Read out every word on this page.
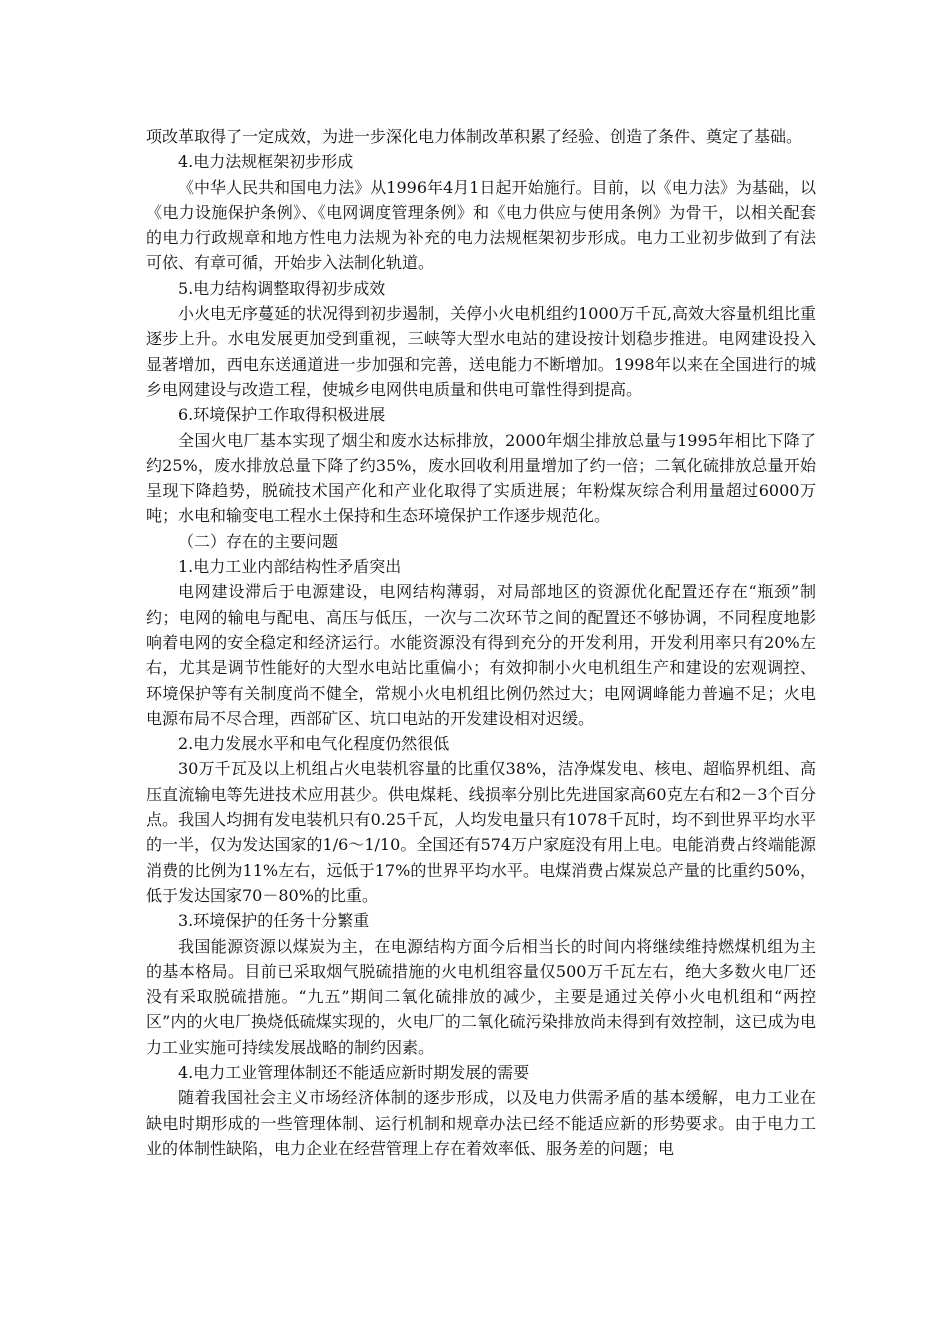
项改革取得了一定成效，为进一步深化电力体制改革积累了经验、创造了条件、奠定了基础。

4.电力法规框架初步形成

《中华人民共和国电力法》从1996年4月1日起开始施行。目前，以《电力法》为基础，以《电力设施保护条例》、《电网调度管理条例》和《电力供应与使用条例》为骨干，以相关配套的电力行政规章和地方性电力法规为补充的电力法规框架初步形成。电力工业初步做到了有法可依、有章可循，开始步入法制化轨道。

5.电力结构调整取得初步成效

小火电无序蔓延的状况得到初步遏制，关停小火电机组约1000万千瓦,高效大容量机组比重逐步上升。水电发展更加受到重视，三峡等大型水电站的建设按计划稳步推进。电网建设投入显著增加，西电东送通道进一步加强和完善，送电能力不断增加。1998年以来在全国进行的城乡电网建设与改造工程，使城乡电网供电质量和供电可靠性得到提高。

6.环境保护工作取得积极进展

全国火电厂基本实现了烟尘和废水达标排放，2000年烟尘排放总量与1995年相比下降了约25%，废水排放总量下降了约35%，废水回收利用量增加了约一倍；二氧化硫排放总量开始呈现下降趋势，脱硫技术国产化和产业化取得了实质进展；年粉煤灰综合利用量超过6000万吨；水电和输变电工程水土保持和生态环境保护工作逐步规范化。

（二）存在的主要问题

1.电力工业内部结构性矛盾突出

电网建设滞后于电源建设，电网结构薄弱，对局部地区的资源优化配置还存在“瓶颈”制约；电网的输电与配电、高压与低压，一次与二次环节之间的配置还不够协调，不同程度地影响着电网的安全稳定和经济运行。水能资源没有得到充分的开发利用，开发利用率只有20%左右，尤其是调节性能好的大型水电站比重偏小；有效抑制小火电机组生产和建设的宏观调控、环境保护等有关制度尚不健全，常规小火电机组比例仍然过大；电网调峰能力普遍不足；火电电源布局不尽合理，西部矿区、坑口电站的开发建设相对迟缓。

2.电力发展水平和电气化程度仍然很低

30万千瓦及以上机组占火电装机容量的比重仅38%，洁净煤发电、核电、超临界机组、高压直流输电等先进技术应用甚少。供电煤耗、线损率分别比先进国家高60克左右和2－3个百分点。我国人均拥有发电装机只有0.25千瓦，人均发电量只有1078千瓦时，均不到世界平均水平的一半，仅为发达国家的1/6～1/10。全国还有574万户家庭没有用上电。电能消费占终端能源消费的比例为11%左右，远低于17%的世界平均水平。电煤消费占煤炭总产量的比重约50%，低于发达国家70－80%的比重。

3.环境保护的任务十分繁重

我国能源资源以煤炭为主，在电源结构方面今后相当长的时间内将继续维持燃煤机组为主的基本格局。目前已采取烟气脱硫措施的火电机组容量仅500万千瓦左右，绝大多数火电厂还没有采取脱硫措施。“九五”期间二氧化硫排放的减少，主要是通过关停小火电机组和“两控区”内的火电厂换烧低硫煤实现的，火电厂的二氧化硫污染排放尚未得到有效控制，这已成为电力工业实施可持续发展战略的制约因素。

4.电力工业管理体制还不能适应新时期发展的需要

随着我国社会主义市场经济体制的逐步形成，以及电力供需矛盾的基本缓解，电力工业在缺电时期形成的一些管理体制、运行机制和规章办法已经不能适应新的形势要求。由于电力工业的体制性缺陷，电力企业在经营管理上存在着效率低、服务差的问题；电
